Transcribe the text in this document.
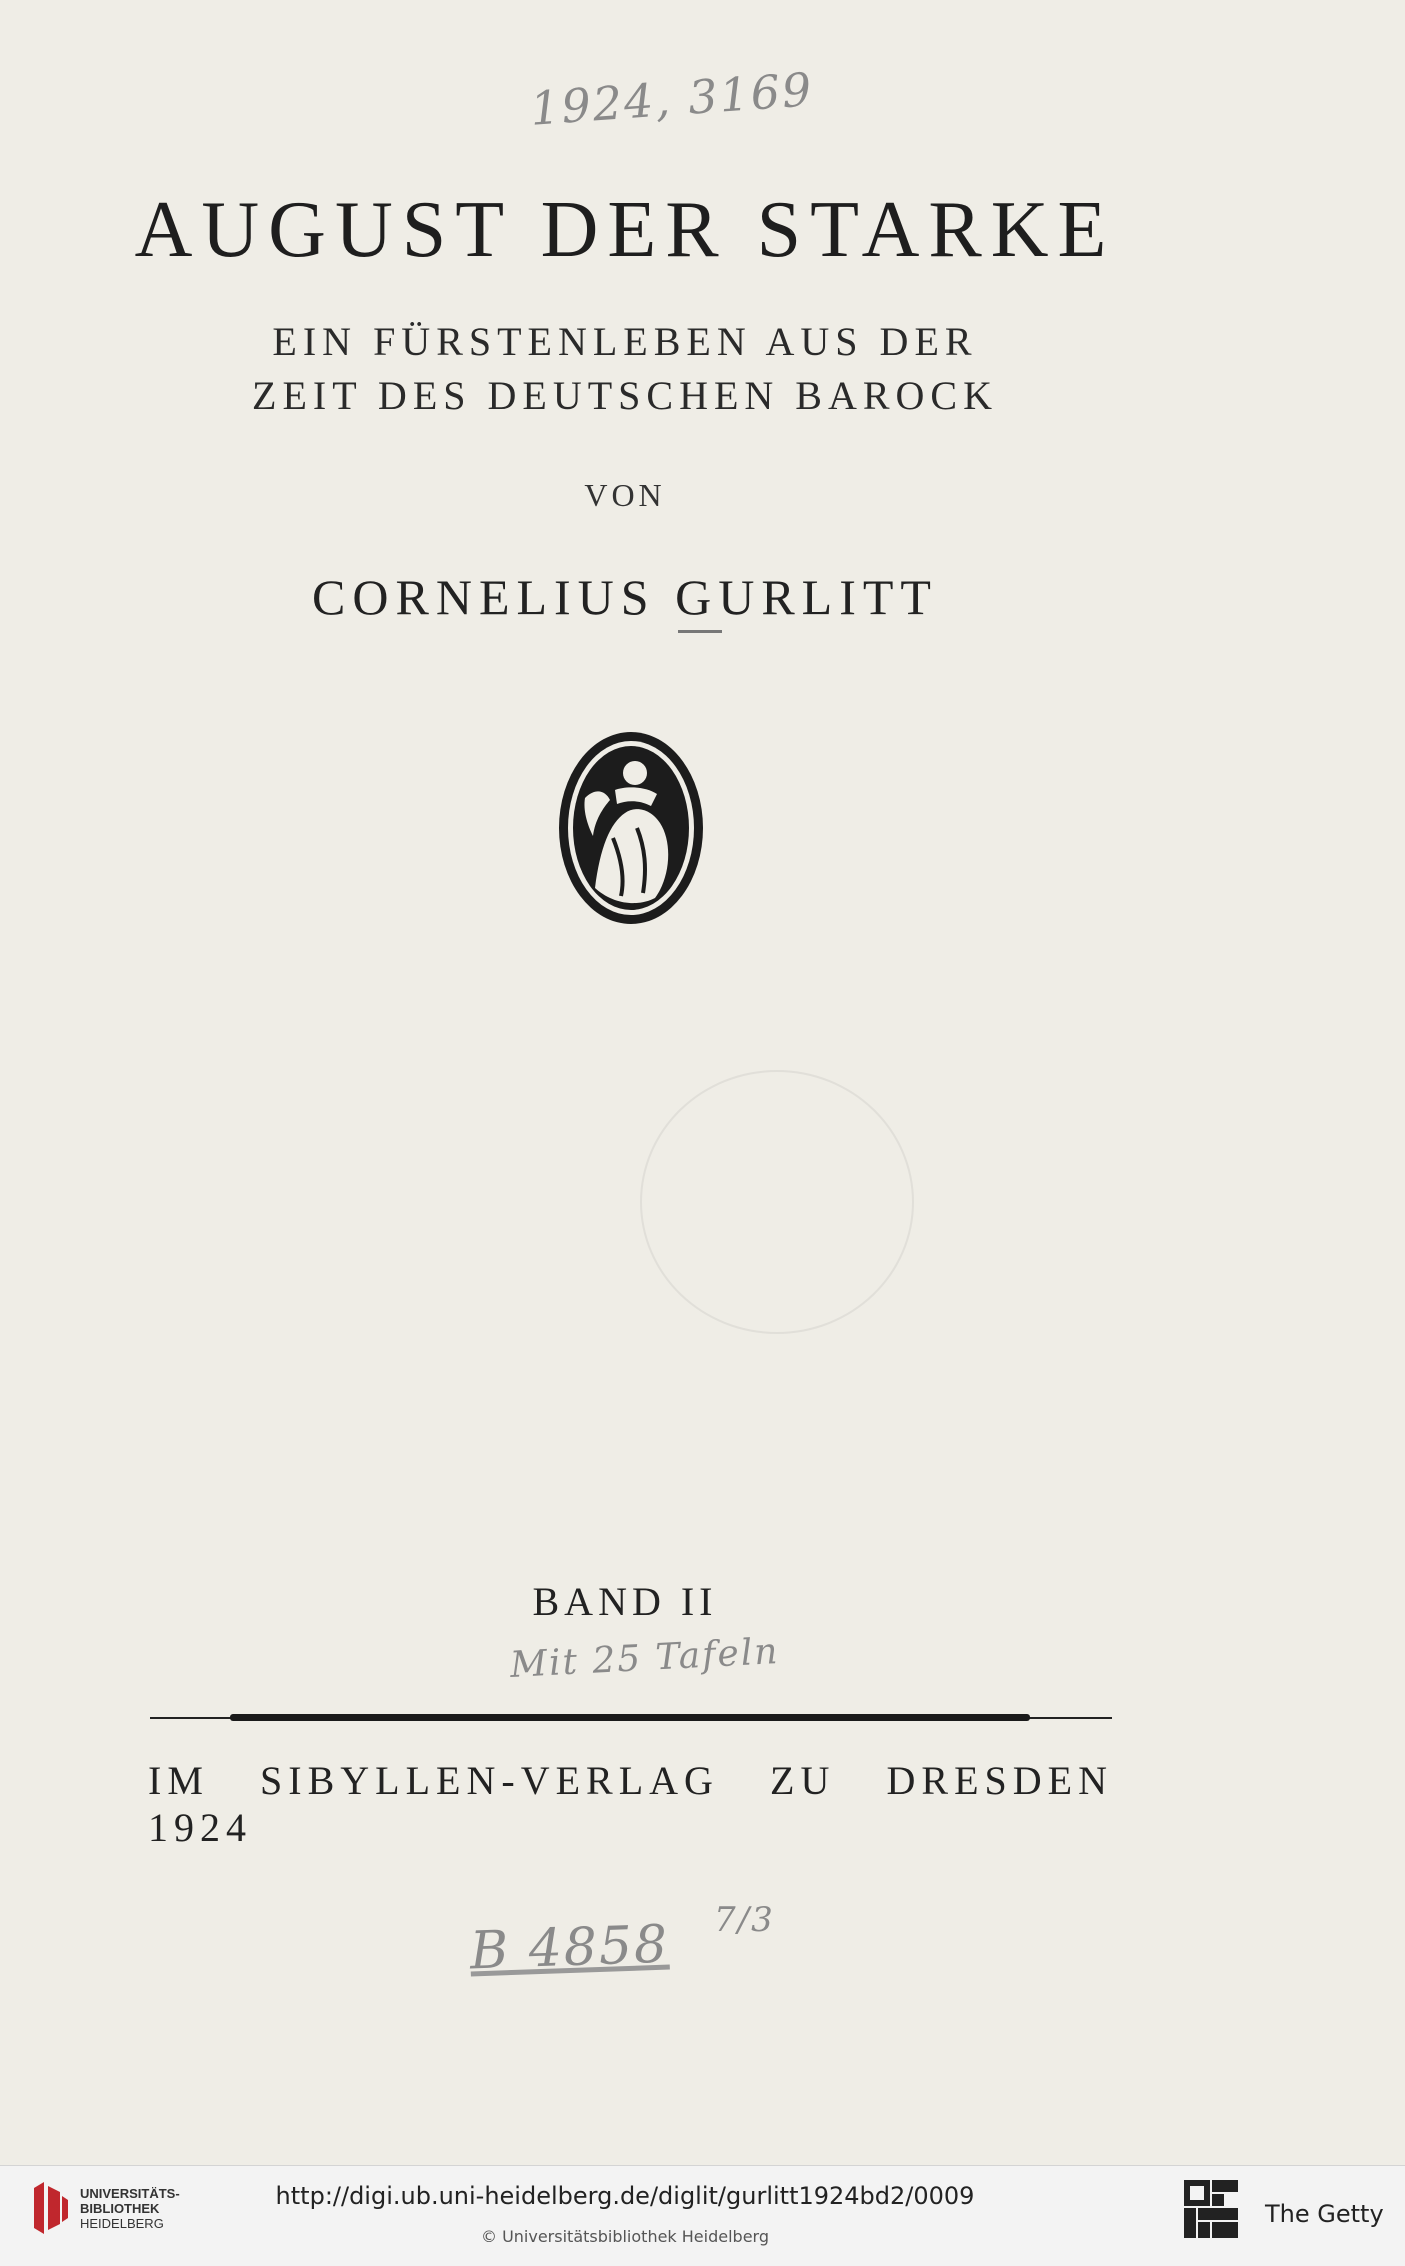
1924, 3169
AUGUST DER STARKE
EIN FÜRSTENLEBEN AUS DER
ZEIT DES DEUTSCHEN BAROCK
VON
CORNELIUS GURLITT
BAND II
Mit 25 Tafeln
IM SIBYLLEN-VERLAG ZU DRESDEN 1924
B 4858 7/3
UNIVERSITÄTS-
BIBLIOTHEK
HEIDELBERG
http://digi.ub.uni-heidelberg.de/diglit/gurlitt1924bd2/0009
© Universitätsbibliothek Heidelberg
The Getty
